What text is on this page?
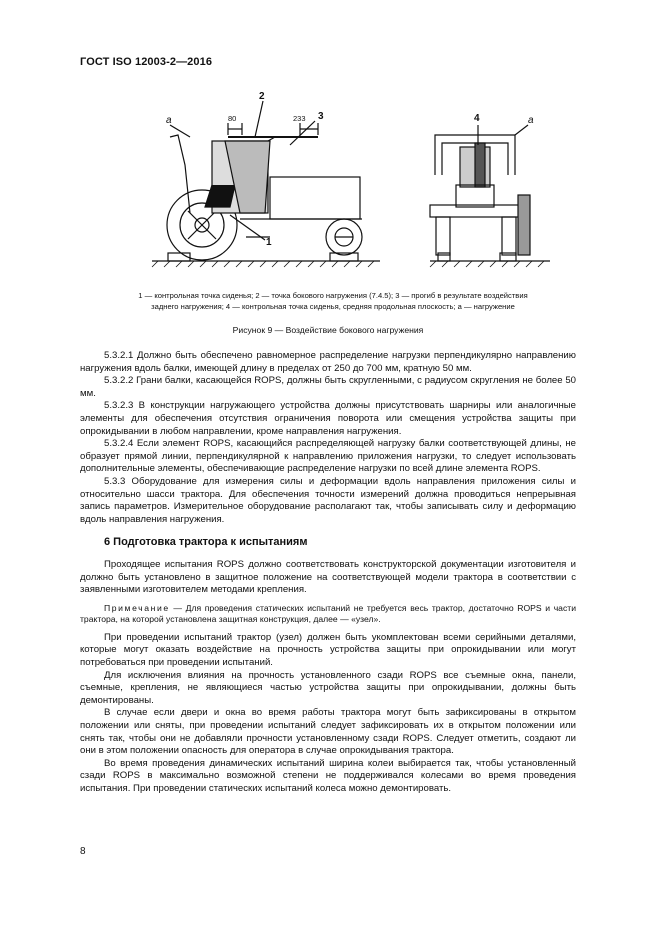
ГОСТ ISO 12003-2—2016
a
2
3
1
4	a
80	233
1 — контрольная точка сиденья; 2 — точка бокового нагружения (7.4.5); 3 — прогиб в результате воздействия
заднего нагружения; 4 — контрольная точка сиденья, средняя продольная плоскость; a — нагружение
Рисунок 9 — Воздействие бокового нагружения

5.3.2.1 Должно быть обеспечено равномерное распределение нагрузки перпендикулярно направлению нагружения вдоль балки, имеющей длину в пределах от 250 до 700 мм, кратную 50 мм.

5.3.2.2 Грани балки, касающейся ROPS, должны быть скругленными, с радиусом скругления не более 50 мм.

5.3.2.3 В конструкции нагружающего устройства должны присутствовать шарниры или аналогичные элементы для обеспечения отсутствия ограничения поворота или смещения устройства защиты при опрокидывании в любом направлении, кроме направления нагружения.

5.3.2.4 Если элемент ROPS, касающийся распределяющей нагрузку балки соответствующей длины, не образует прямой линии, перпендикулярной к направлению приложения нагрузки, то следует использовать дополнительные элементы, обеспечивающие распределение нагрузки по всей длине элемента ROPS.

5.3.3 Оборудование для измерения силы и деформации вдоль направления приложения силы и относительно шасси трактора. Для обеспечения точности измерений должна проводиться непрерывная запись параметров. Измерительное оборудование располагают так, чтобы записывать силу и деформацию вдоль направления нагружения.

6 Подготовка трактора к испытаниям

Проходящее испытания ROPS должно соответствовать конструкторской документации изготовителя и должно быть установлено в защитное положение на соответствующей модели трактора в соответствии с заявленными изготовителем методами крепления.

Примечание — Для проведения статических испытаний не требуется весь трактор, достаточно ROPS и части трактора, на которой установлена защитная конструкция, далее — «узел».

При проведении испытаний трактор (узел) должен быть укомплектован всеми серийными деталями, которые могут оказать воздействие на прочность устройства защиты при опрокидывании или могут потребоваться при проведении испытаний.

Для исключения влияния на прочность установленного сзади ROPS все съемные окна, панели, съемные, крепления, не являющиеся частью устройства защиты при опрокидывании, должны быть демонтированы.

В случае если двери и окна во время работы трактора могут быть зафиксированы в открытом положении или сняты, при проведении испытаний следует зафиксировать их в открытом положении или снять так, чтобы они не добавляли прочности установленному сзади ROPS. Следует отметить, создают ли они в этом положении опасность для оператора в случае опрокидывания трактора.

Во время проведения динамических испытаний ширина колеи выбирается так, чтобы установленный сзади ROPS в максимально возможной степени не поддерживался колесами во время проведения испытания. При проведении статических испытаний колеса можно демонтировать.

8
